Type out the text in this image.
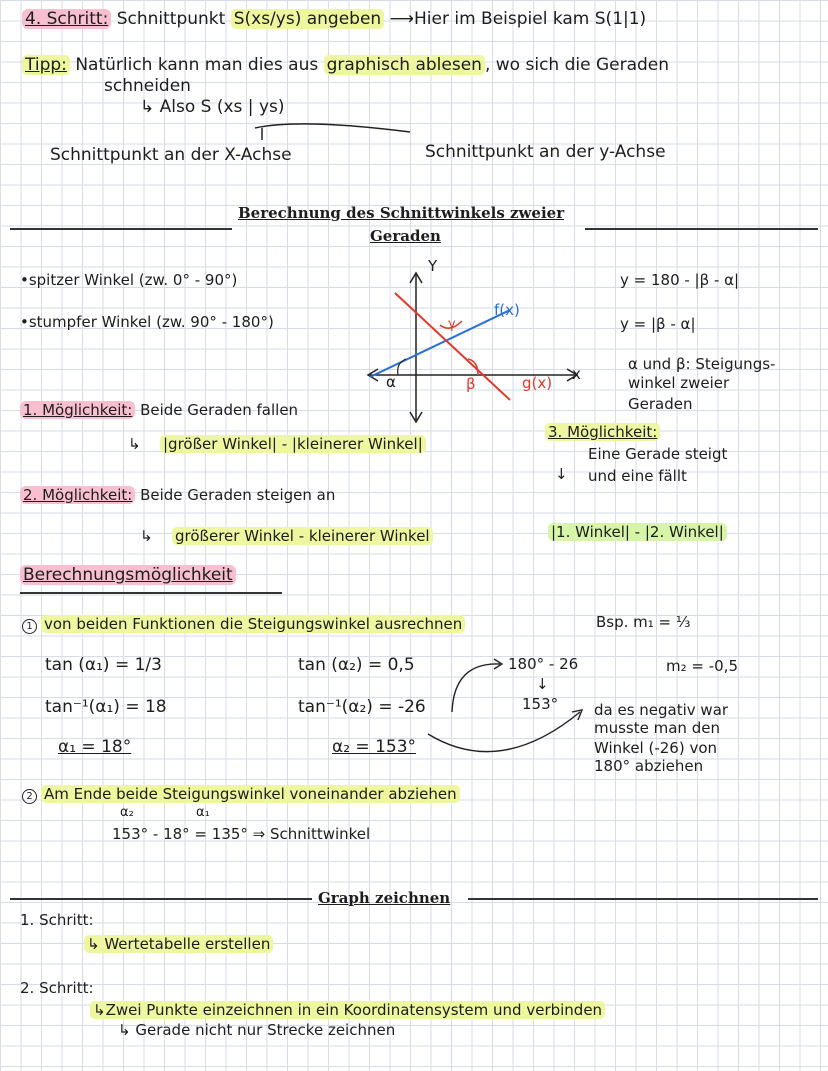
4. Schritt: Schnittpunkt S(xs/ys) angeben ⟶Hier im Beispiel kam S(1|1)
Tipp: Natürlich kann man dies aus graphisch ablesen , wo sich die Geraden
schneiden
↳ Also S (xs | ys)
Schnittpunkt an der X-Achse	Schnittpunkt an der y-Achse
Berechnung des Schnittwinkels zweier
Geraden
•spitzer Winkel (zw. 0° - 90°)
•stumpfer Winkel (zw. 90° - 180°)
y = 180 - |β - α|
y = |β - α|
α und β: Steigungs-
winkel zweier
Geraden
Y
x
f(x)
g(x)
α	β
γ
1. Möglichkeit: Beide Geraden fallen
↳ |größer Winkel| - |kleinerer Winkel|
2. Möglichkeit: Beide Geraden steigen an
↳ größerer Winkel - kleinerer Winkel
3. Möglichkeit:
Eine Gerade steigt
↓ und eine fällt
|1. Winkel| - |2. Winkel|
Berechnungsmöglichkeit
1 von beiden Funktionen die Steigungswinkel ausrechnen	Bsp. m₁ = ⅓
tan (α₁) = 1/3	tan (α₂) = 0,5	180° - 26	m₂ = -0,5
tan⁻¹(α₁) = 18	tan⁻¹(α₂) = -26
↓
153° da es negativ war
musste man den
Winkel (-26) von
180° abziehen
α₁ = 18°	α₂ = 153°
2 Am Ende beide Steigungswinkel voneinander abziehen
α₂	α₁
153° - 18° = 135° ⇒ Schnittwinkel
Graph zeichnen
1. Schritt:
↳ Wertetabelle erstellen
2. Schritt:
↳Zwei Punkte einzeichnen in ein Koordinatensystem und verbinden
↳ Gerade nicht nur Strecke zeichnen
